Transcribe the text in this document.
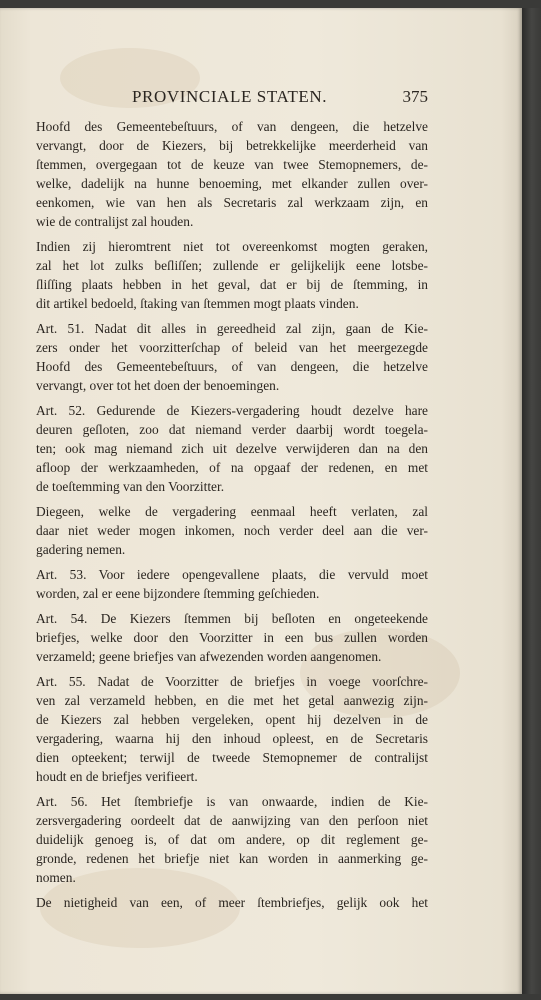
PROVINCIALE STATEN.	375
Hoofd des Gemeentebeſtuurs, of van dengeen, die hetzelve
vervangt, door de Kiezers, bij betrekkelijke meerderheid van
ſtemmen, overgegaan tot de keuze van twee Stemopnemers, de-
welke, dadelijk na hunne benoeming, met elkander zullen over-
eenkomen, wie van hen als Secretaris zal werkzaam zijn, en
wie de contralijst zal houden.
Indien zij hieromtrent niet tot overeenkomst mogten geraken,
zal het lot zulks beſliſſen; zullende er gelijkelijk eene lotsbe-
ſliſſing plaats hebben in het geval, dat er bij de ſtemming, in
dit artikel bedoeld, ſtaking van ſtemmen mogt plaats vinden.
Art. 51. Nadat dit alles in gereedheid zal zijn, gaan de Kie-
zers onder het voorzitterſchap of beleid van het meergezegde
Hoofd des Gemeentebeſtuurs, of van dengeen, die hetzelve
vervangt, over tot het doen der benoemingen.
Art. 52. Gedurende de Kiezers-vergadering houdt dezelve hare
deuren geſloten, zoo dat niemand verder daarbij wordt toegela-
ten; ook mag niemand zich uit dezelve verwijderen dan na den
afloop der werkzaamheden, of na opgaaf der redenen, en met
de toeſtemming van den Voorzitter.
Diegeen, welke de vergadering eenmaal heeft verlaten, zal
daar niet weder mogen inkomen, noch verder deel aan die ver-
gadering nemen.
Art. 53. Voor iedere opengevallene plaats, die vervuld moet
worden, zal er eene bijzondere ſtemming geſchieden.
Art. 54. De Kiezers ſtemmen bij beſloten en ongeteekende
briefjes, welke door den Voorzitter in een bus zullen worden
verzameld; geene briefjes van afwezenden worden aangenomen.
Art. 55. Nadat de Voorzitter de briefjes in voege voorſchre-
ven zal verzameld hebben, en die met het getal aanwezig zijn-
de Kiezers zal hebben vergeleken, opent hij dezelven in de
vergadering, waarna hij den inhoud opleest, en de Secretaris
dien opteekent; terwijl de tweede Stemopnemer de contralijst
houdt en de briefjes verifieert.
Art. 56. Het ſtembriefje is van onwaarde, indien de Kie-
zersvergadering oordeelt dat de aanwijzing van den perſoon niet
duidelijk genoeg is, of dat om andere, op dit reglement ge-
gronde, redenen het briefje niet kan worden in aanmerking ge-
nomen.
De nietigheid van een, of meer ſtembriefjes, gelijk ook het
